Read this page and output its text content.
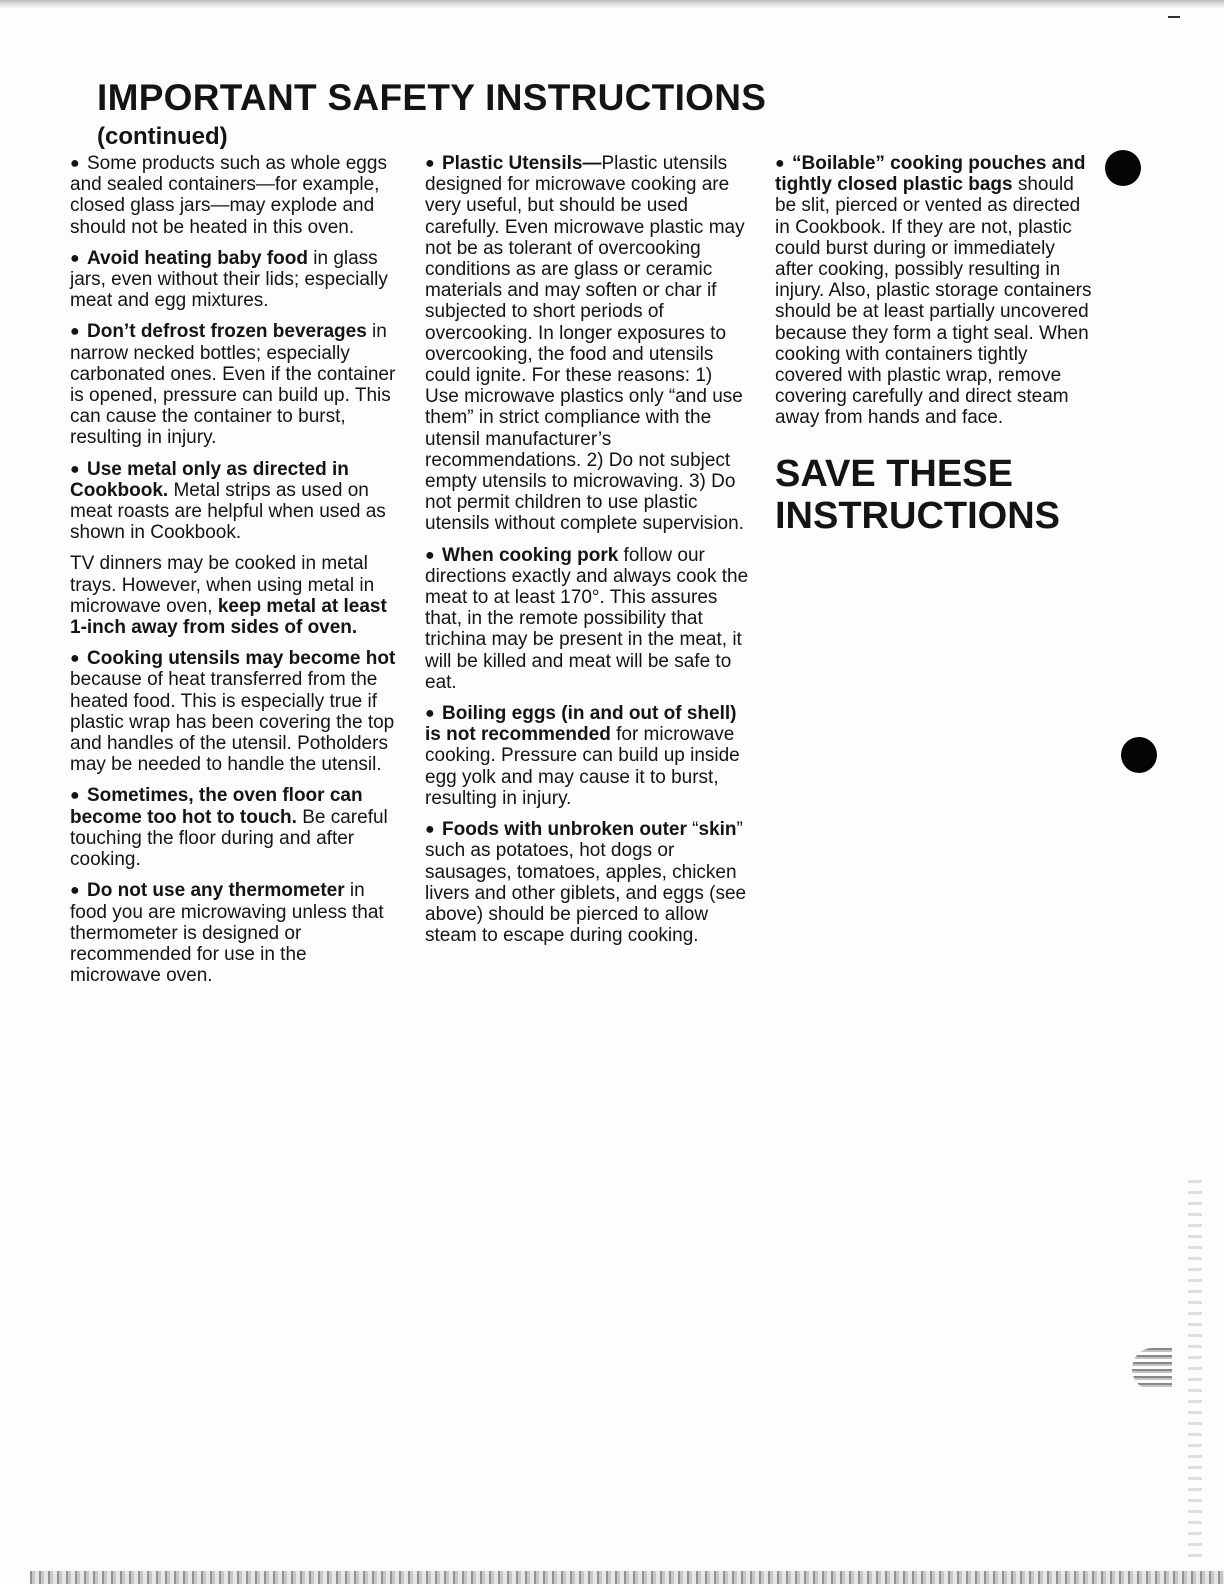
IMPORTANT SAFETY INSTRUCTIONS
(continued)

● Some products such as whole eggs and sealed containers—for example, closed glass jars—may explode and should not be heated in this oven.

● Avoid heating baby food in glass jars, even without their lids; especially meat and egg mixtures.

● Don’t defrost frozen beverages in narrow necked bottles; especially carbonated ones. Even if the container is opened, pressure can build up. This can cause the container to burst, resulting in injury.

● Use metal only as directed in Cookbook. Metal strips as used on meat roasts are helpful when used as shown in Cookbook.

TV dinners may be cooked in metal trays. However, when using metal in microwave oven, keep metal at least 1-inch away from sides of oven.

● Cooking utensils may become hot because of heat transferred from the heated food. This is especially true if plastic wrap has been covering the top and handles of the utensil. Potholders may be needed to handle the utensil.

● Sometimes, the oven floor can become too hot to touch. Be careful touching the floor during and after cooking.

● Do not use any thermometer in food you are microwaving unless that thermometer is designed or recommended for use in the microwave oven.

● Plastic Utensils—Plastic utensils designed for microwave cooking are very useful, but should be used carefully. Even microwave plastic may not be as tolerant of overcooking conditions as are glass or ceramic materials and may soften or char if subjected to short periods of overcooking. In longer exposures to overcooking, the food and utensils could ignite. For these reasons: 1) Use microwave plastics only “and use them” in strict compliance with the utensil manufacturer’s recommendations. 2) Do not subject empty utensils to microwaving. 3) Do not permit children to use plastic utensils without complete supervision.

● When cooking pork follow our directions exactly and always cook the meat to at least 170°. This assures that, in the remote possibility that trichina may be present in the meat, it will be killed and meat will be safe to eat.

● Boiling eggs (in and out of shell) is not recommended for microwave cooking. Pressure can build up inside egg yolk and may cause it to burst, resulting in injury.

● Foods with unbroken outer “skin” such as potatoes, hot dogs or sausages, tomatoes, apples, chicken livers and other giblets, and eggs (see above) should be pierced to allow steam to escape during cooking.

● “Boilable” cooking pouches and tightly closed plastic bags should be slit, pierced or vented as directed in Cookbook. If they are not, plastic could burst during or immediately after cooking, possibly resulting in injury. Also, plastic storage containers should be at least partially uncovered because they form a tight seal. When cooking with containers tightly covered with plastic wrap, remove covering carefully and direct steam away from hands and face.

SAVE THESE INSTRUCTIONS
